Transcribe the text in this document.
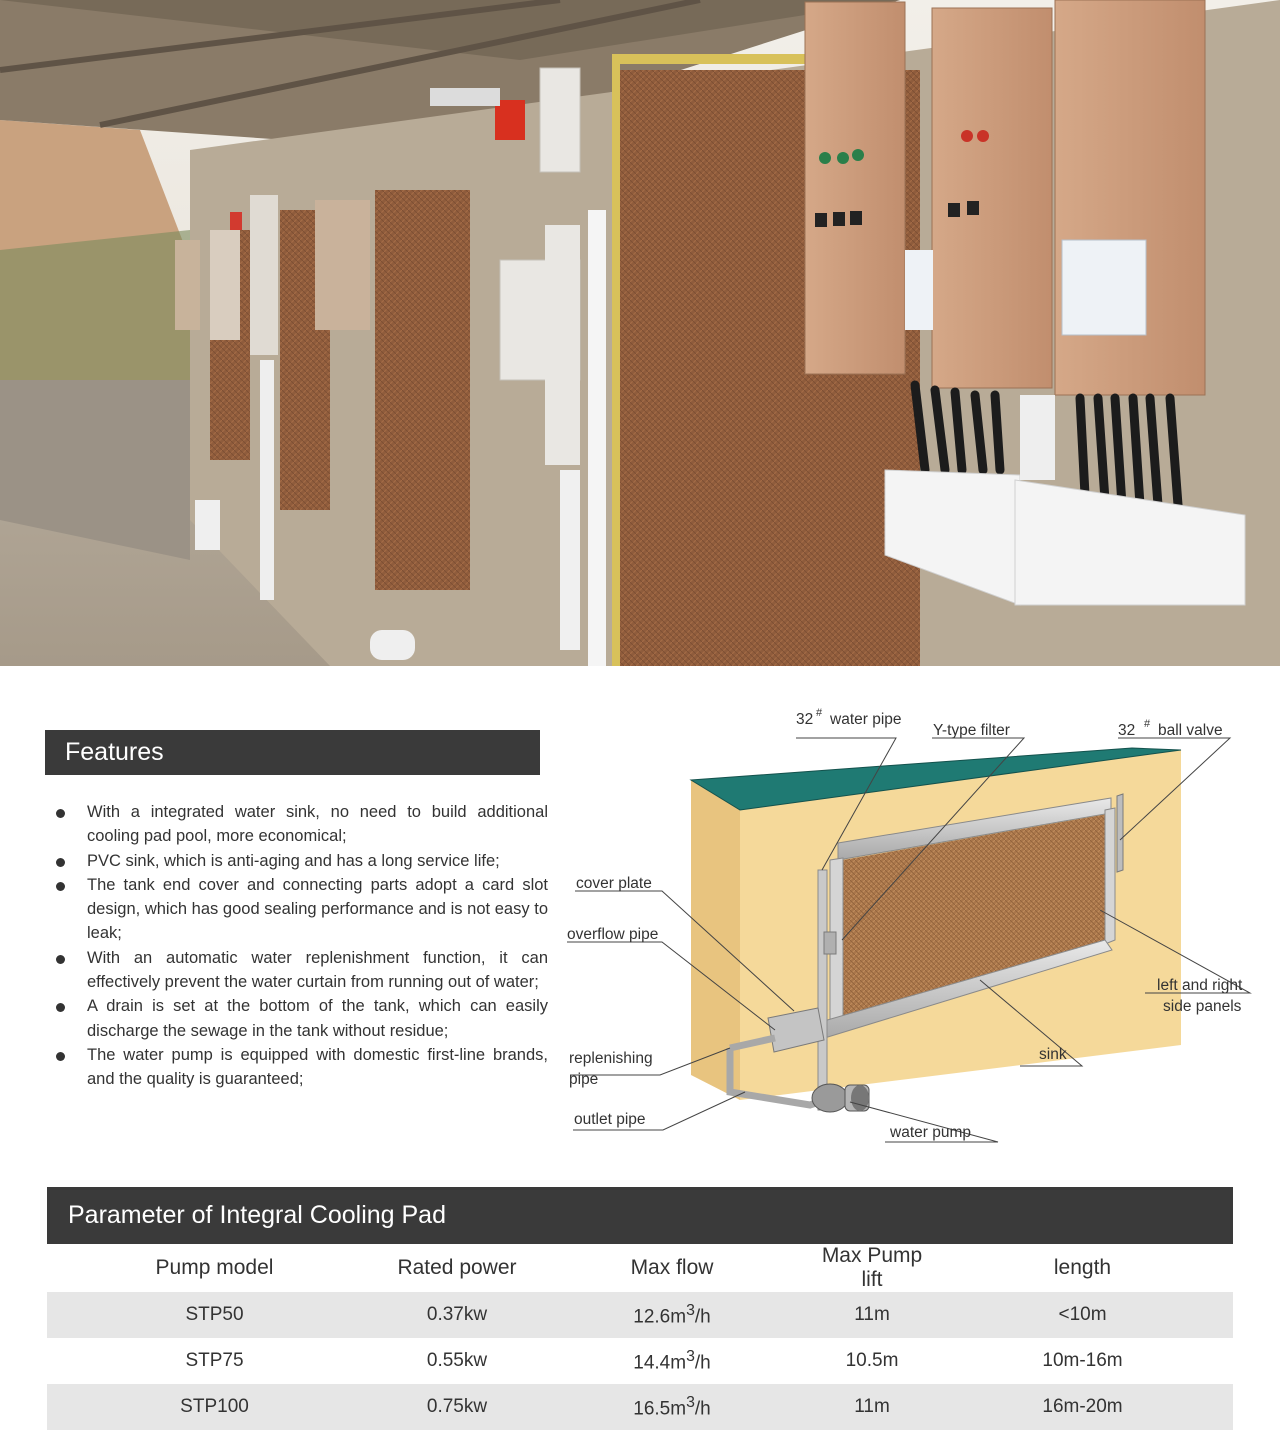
Features
With a integrated water sink, no need to build additional cooling pad pool, more economical;
PVC sink, which is anti-aging and has a long service life;
The tank end cover and connecting parts adopt a card slot design, which has good sealing performance and is not easy to leak;
With an automatic water replenishment function, it can effectively prevent the water curtain from running out of water;
A drain is set at the bottom of the tank, which can easily discharge the sewage in the tank without residue;
The water pump is equipped with domestic first-line brands, and the quality is guaranteed;
32 # water pipe
Y-type filter	32 # ball valve
cover plate
overflow pipe
replenishing
pipe
outlet pipe
left and right
side panels
sink
water pump
Parameter of Integral Cooling Pad
Pump model	Rated power	Max flow	Max Pump lift	length
STP50	0.37kw	$12.6m^3/h$	11m	<10m
STP75	0.55kw	$14.4m^3/h$	10.5m	10m-16m
STP100	0.75kw	$16.5m^3/h$	11m	16m-20m
